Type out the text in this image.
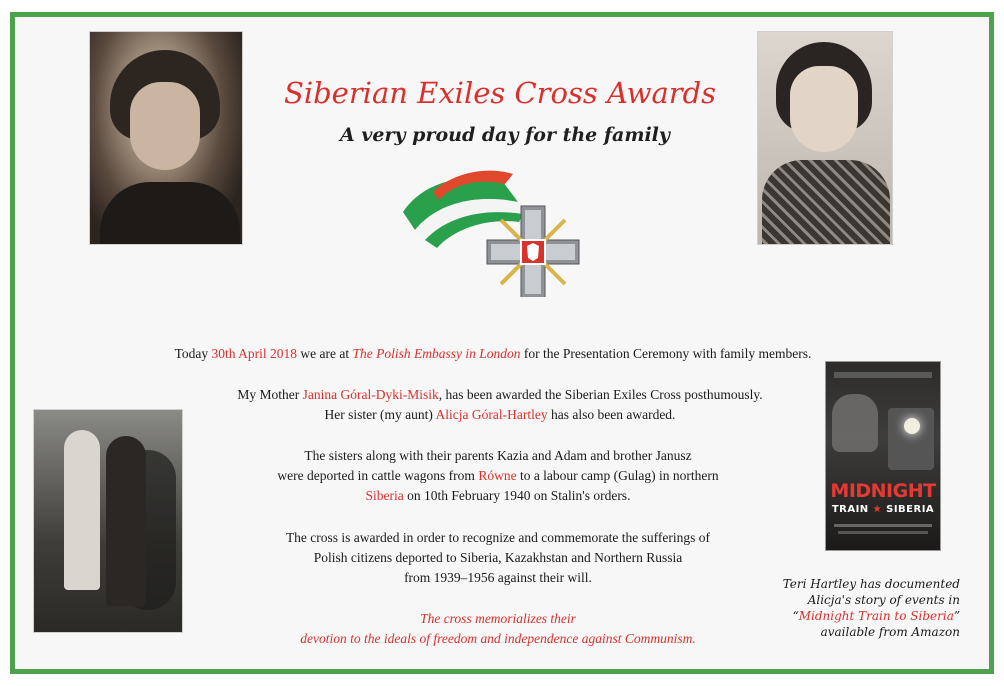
Siberian Exiles Cross Awards
A very proud day for the family
Today 30th April 2018 we are at The Polish Embassy in London for the Presentation Ceremony with family members.
My Mother Janina Góral-Dyki-Misik, has been awarded the Siberian Exiles Cross posthumously.
Her sister (my aunt) Alicja Góral-Hartley has also been awarded.
The sisters along with their parents Kazia and Adam and brother Janusz
were deported in cattle wagons from Równe to a labour camp (Gulag) in northern
Siberia on 10th February 1940 on Stalin's orders.
The cross is awarded in order to recognize and commemorate the sufferings of
Polish citizens deported to Siberia, Kazakhstan and Northern Russia
from 1939–1956 against their will.
The cross memorializes their
devotion to the ideals of freedom and independence against Communism.
MIDNIGHT
TRAIN ★ SIBERIA
Teri Hartley has documented
Alicja's story of events in
“Midnight Train to Siberia”
available from Amazon
